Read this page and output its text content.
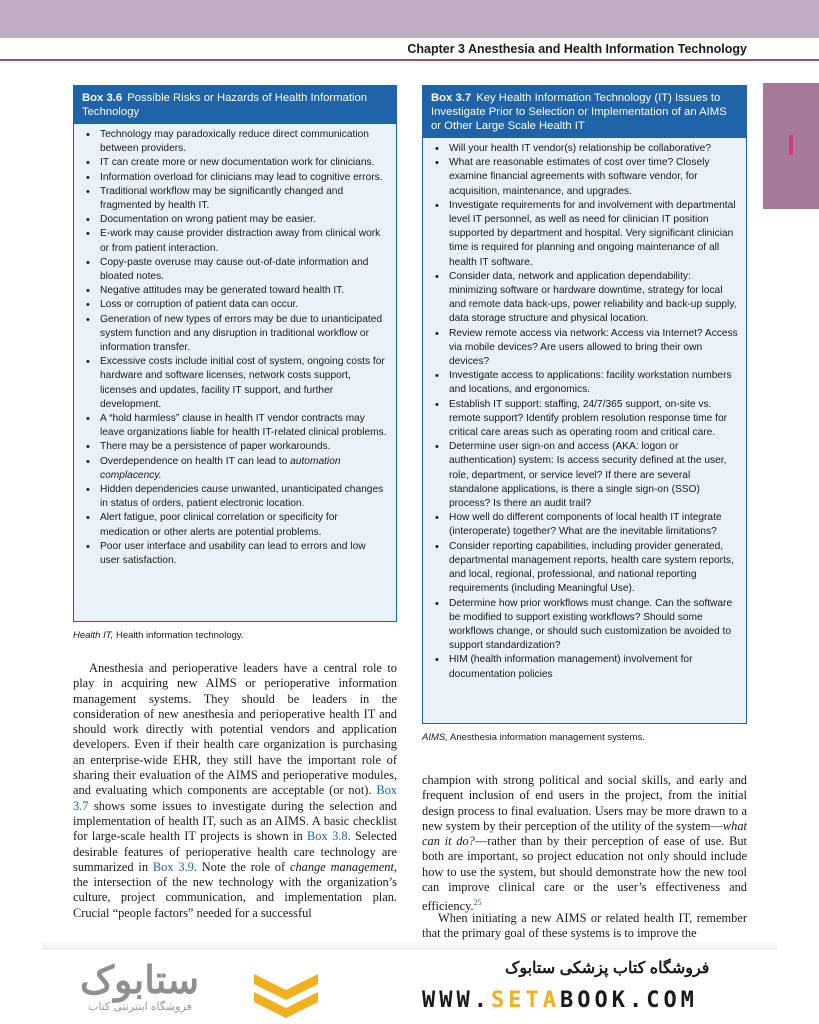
Chapter 3 Anesthesia and Health Information Technology
Box 3.6 Possible Risks or Hazards of Health Information Technology
• Technology may paradoxically reduce direct communication between providers.
• IT can create more or new documentation work for clinicians.
• Information overload for clinicians may lead to cognitive errors.
• Traditional workflow may be significantly changed and fragmented by health IT.
• Documentation on wrong patient may be easier.
• E-work may cause provider distraction away from clinical work or from patient interaction.
• Copy-paste overuse may cause out-of-date information and bloated notes.
• Negative attitudes may be generated toward health IT.
• Loss or corruption of patient data can occur.
• Generation of new types of errors may be due to unanticipated system function and any disruption in traditional workflow or information transfer.
• Excessive costs include initial cost of system, ongoing costs for hardware and software licenses, network costs support, licenses and updates, facility IT support, and further development.
• A “hold harmless” clause in health IT vendor contracts may leave organizations liable for health IT-related clinical problems.
• There may be a persistence of paper workarounds.
• Overdependence on health IT can lead to automation complacency.
• Hidden dependencies cause unwanted, unanticipated changes in status of orders, patient electronic location.
• Alert fatigue, poor clinical correlation or specificity for medication or other alerts are potential problems.
• Poor user interface and usability can lead to errors and low user satisfaction.
Health IT, Health information technology.
Box 3.7 Key Health Information Technology (IT) Issues to Investigate Prior to Selection or Implementation of an AIMS or Other Large Scale Health IT
• Will your health IT vendor(s) relationship be collaborative?
• What are reasonable estimates of cost over time? Closely examine financial agreements with software vendor, for acquisition, maintenance, and upgrades.
• Investigate requirements for and involvement with departmental level IT personnel, as well as need for clinician IT position supported by department and hospital. Very significant clinician time is required for planning and ongoing maintenance of all health IT software.
• Consider data, network and application dependability: minimizing software or hardware downtime, strategy for local and remote data back-ups, power reliability and back-up supply, data storage structure and physical location.
• Review remote access via network: Access via Internet? Access via mobile devices? Are users allowed to bring their own devices?
• Investigate access to applications: facility workstation numbers and locations, and ergonomics.
• Establish IT support: staffing, 24/7/365 support, on-site vs. remote support? Identify problem resolution response time for critical care areas such as operating room and critical care.
• Determine user sign-on and access (AKA: logon or authentication) system: Is access security defined at the user, role, department, or service level? If there are several standalone applications, is there a single sign-on (SSO) process? Is there an audit trail?
• How well do different components of local health IT integrate (interoperate) together? What are the inevitable limitations?
• Consider reporting capabilities, including provider generated, departmental management reports, health care system reports, and local, regional, professional, and national reporting requirements (including Meaningful Use).
• Determine how prior workflows must change. Can the software be modified to support existing workflows? Should some workflows change, or should such customization be avoided to support standardization?
• HIM (health information management) involvement for documentation policies
AIMS, Anesthesia information management systems.

Anesthesia and perioperative leaders have a central role to play in acquiring new AIMS or perioperative information management systems. They should be leaders in the consideration of new anesthesia and perioperative health IT and should work directly with potential vendors and application developers. Even if their health care organization is purchasing an enterprise-wide EHR, they still have the important role of sharing their evaluation of the AIMS and perioperative modules, and evaluating which components are acceptable (or not). Box 3.7 shows some issues to investigate during the selection and implementation of health IT, such as an AIMS. A basic checklist for large-scale health IT projects is shown in Box 3.8. Selected desirable features of perioperative health care technology are summarized in Box 3.9. Note the role of change management, the intersection of the new technology with the organization’s culture, project communication, and implementation plan. Crucial “people factors” needed for a successful

champion with strong political and social skills, and early and frequent inclusion of end users in the project, from the initial design process to final evaluation. Users may be more drawn to a new system by their perception of the utility of the system—what can it do?—rather than by their perception of ease of use. But both are important, so project education not only should include how to use the system, but should demonstrate how the new tool can improve clinical care or the user’s effectiveness and efficiency.$^{25}$

When initiating a new AIMS or related health IT, remember that the primary goal of these systems is to improve the

ستابوک
فروشگاه اینترنتی کتاب
فروشگاه کتاب پزشکی ستابوک
WWW.SETABOOK.COM
